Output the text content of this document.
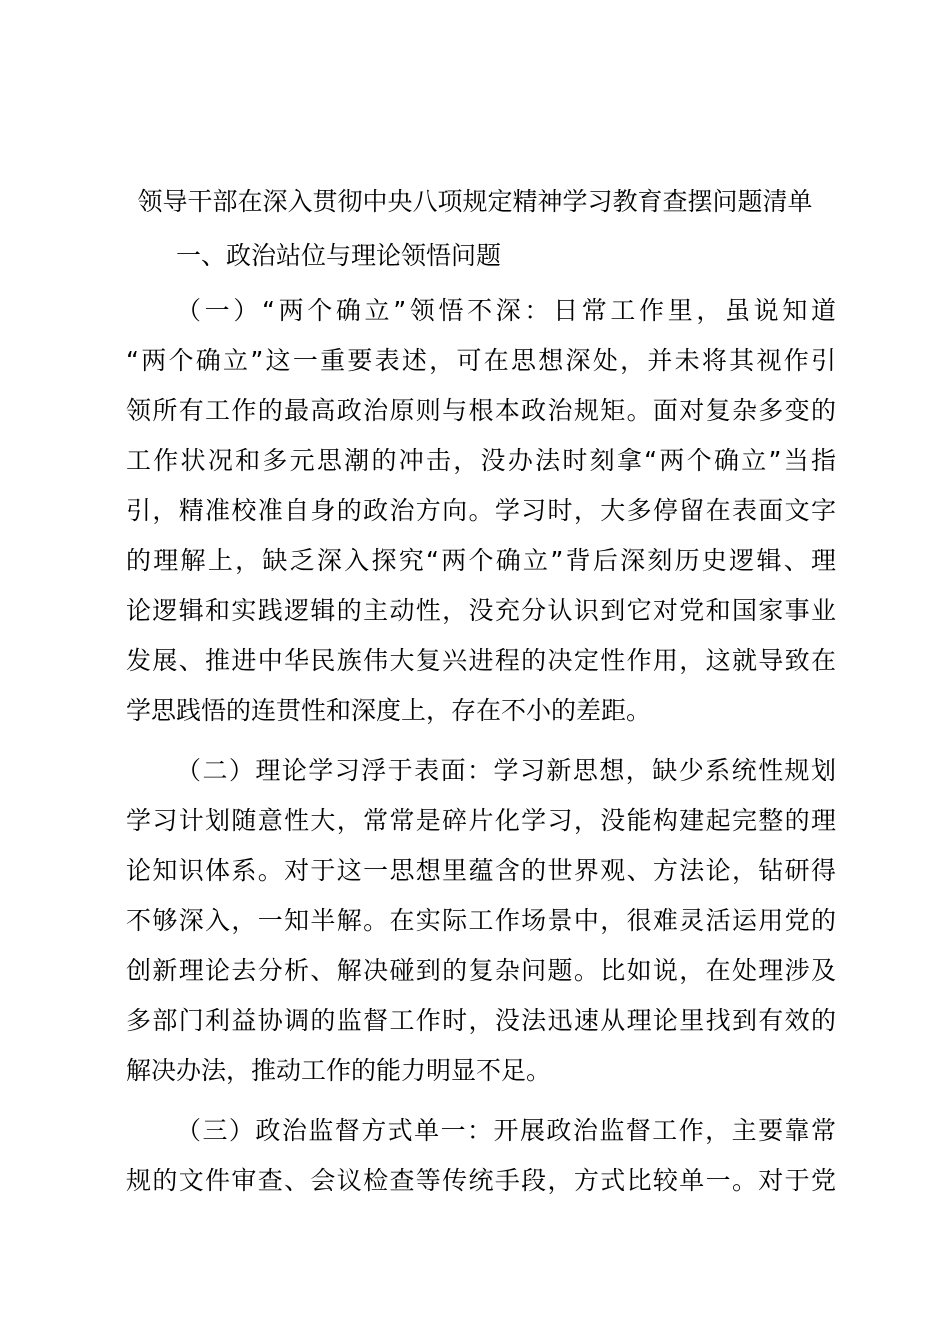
领导干部在深入贯彻中央八项规定精神学习教育查摆问题清单
一、政治站位与理论领悟问题

（一）“两个确立”领悟不深：日常工作里，虽说知道
“两个确立”这一重要表述，可在思想深处，并未将其视作引
领所有工作的最高政治原则与根本政治规矩。面对复杂多变的
工作状况和多元思潮的冲击，没办法时刻拿“两个确立”当指
引，精准校准自身的政治方向。学习时，大多停留在表面文字
的理解上，缺乏深入探究“两个确立”背后深刻历史逻辑、理
论逻辑和实践逻辑的主动性，没充分认识到它对党和国家事业
发展、推进中华民族伟大复兴进程的决定性作用，这就导致在
学思践悟的连贯性和深度上，存在不小的差距。

（二）理论学习浮于表面：学习新思想，缺少系统性规划
学习计划随意性大，常常是碎片化学习，没能构建起完整的理
论知识体系。对于这一思想里蕴含的世界观、方法论，钻研得
不够深入，一知半解。在实际工作场景中，很难灵活运用党的
创新理论去分析、解决碰到的复杂问题。比如说，在处理涉及
多部门利益协调的监督工作时，没法迅速从理论里找到有效的
解决办法，推动工作的能力明显不足。

（三）政治监督方式单一：开展政治监督工作，主要靠常
规的文件审查、会议检查等传统手段，方式比较单一。对于党
